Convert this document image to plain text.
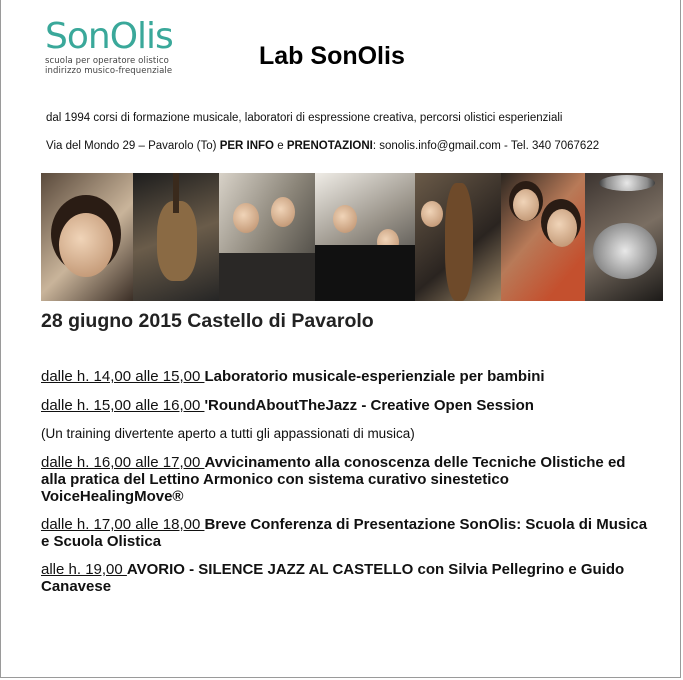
SonOlis
scuola per operatore olistico
indirizzo musico-frequenziale
Lab SonOlis
dal 1994 corsi di formazione musicale, laboratori di espressione creativa, percorsi olistici esperienziali
Via del Mondo 29 – Pavarolo (To) PER INFO e PRENOTAZIONI: sonolis.info@gmail.com - Tel. 340 7067622
28 giugno 2015 Castello di Pavarolo
dalle h. 14,00 alle 15,00 Laboratorio musicale-esperienziale per bambini
dalle h. 15,00 alle 16,00 'RoundAboutTheJazz - Creative Open Session
(Un training divertente aperto a tutti gli appassionati di musica)
dalle h. 16,00 alle 17,00 Avvicinamento alla conoscenza delle Tecniche Olistiche ed alla pratica del Lettino Armonico con sistema curativo sinestetico VoiceHealingMove®
dalle h. 17,00 alle 18,00 Breve Conferenza di Presentazione SonOlis: Scuola di Musica e Scuola Olistica
alle h. 19,00 AVORIO - SILENCE JAZZ AL CASTELLO con Silvia Pellegrino e Guido Canavese
